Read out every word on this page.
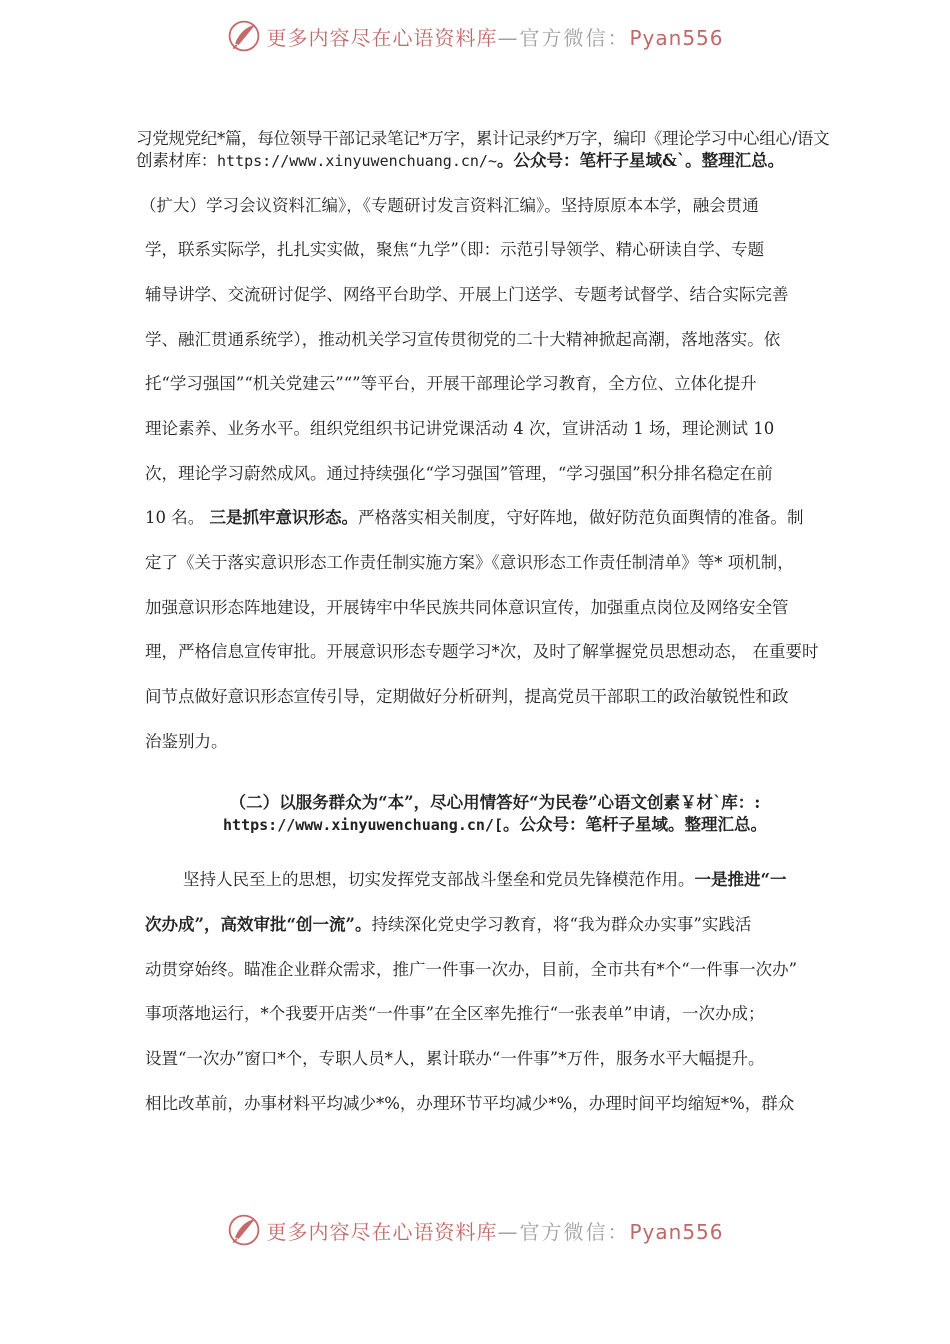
更多内容尽在心语资料库—官方微信：Pyan556
习党规党纪*篇，每位领导干部记录笔记*万字，累计记录约*万字，编印《理论学习中心组心/语文创素材库：https://www.xinyuwenchuang.cn/~。公众号：笔杆子星域&`。整理汇总。
（扩大）学习会议资料汇编》，《专题研讨发言资料汇编》。坚持原原本本学，融会贯通
学，联系实际学，扎扎实实做，聚焦“九学”（即：示范引导领学、精心研读自学、专题
辅导讲学、交流研讨促学、网络平台助学、开展上门送学、专题考试督学、结合实际完善
学、融汇贯通系统学），推动机关学习宣传贯彻党的二十大精神掀起高潮，落地落实。依
托“学习强国”“机关党建云”“”等平台，开展干部理论学习教育，全方位、立体化提升
理论素养、业务水平。组织党组织书记讲党课活动 4 次，宣讲活动 1 场，理论测试 10
次，理论学习蔚然成风。通过持续强化“学习强国”管理，“学习强国”积分排名稳定在前
10 名。 三是抓牢意识形态。严格落实相关制度，守好阵地，做好防范负面舆情的准备。制
定了《关于落实意识形态工作责任制实施方案》《意识形态工作责任制清单》等* 项机制，
加强意识形态阵地建设，开展铸牢中华民族共同体意识宣传，加强重点岗位及网络安全管
理，严格信息宣传审批。开展意识形态专题学习*次，及时了解掌握党员思想动态， 在重要时
间节点做好意识形态宣传引导，定期做好分析研判，提高党员干部职工的政治敏锐性和政
治鉴别力。
（二）以服务群众为“本”，尽心用情答好“为民卷”心语文创素￥材`库：:
https://www.xinyuwenchuang.cn/[。公众号：笔杆子星域。整理汇总。
坚持人民至上的思想，切实发挥党支部战斗堡垒和党员先锋模范作用。一是推进“一
次办成”，高效审批“创一流”。持续深化党史学习教育，将“我为群众办实事”实践活
动贯穿始终。瞄准企业群众需求，推广一件事一次办，目前，全市共有*个“一件事一次办”
事项落地运行，*个我要开店类“一件事”在全区率先推行“一张表单”申请，一次办成；
设置“一次办”窗口*个，专职人员*人，累计联办“一件事”*万件，服务水平大幅提升。
相比改革前，办事材料平均减少*%，办理环节平均减少*%，办理时间平均缩短*%，群众
更多内容尽在心语资料库—官方微信：Pyan556
